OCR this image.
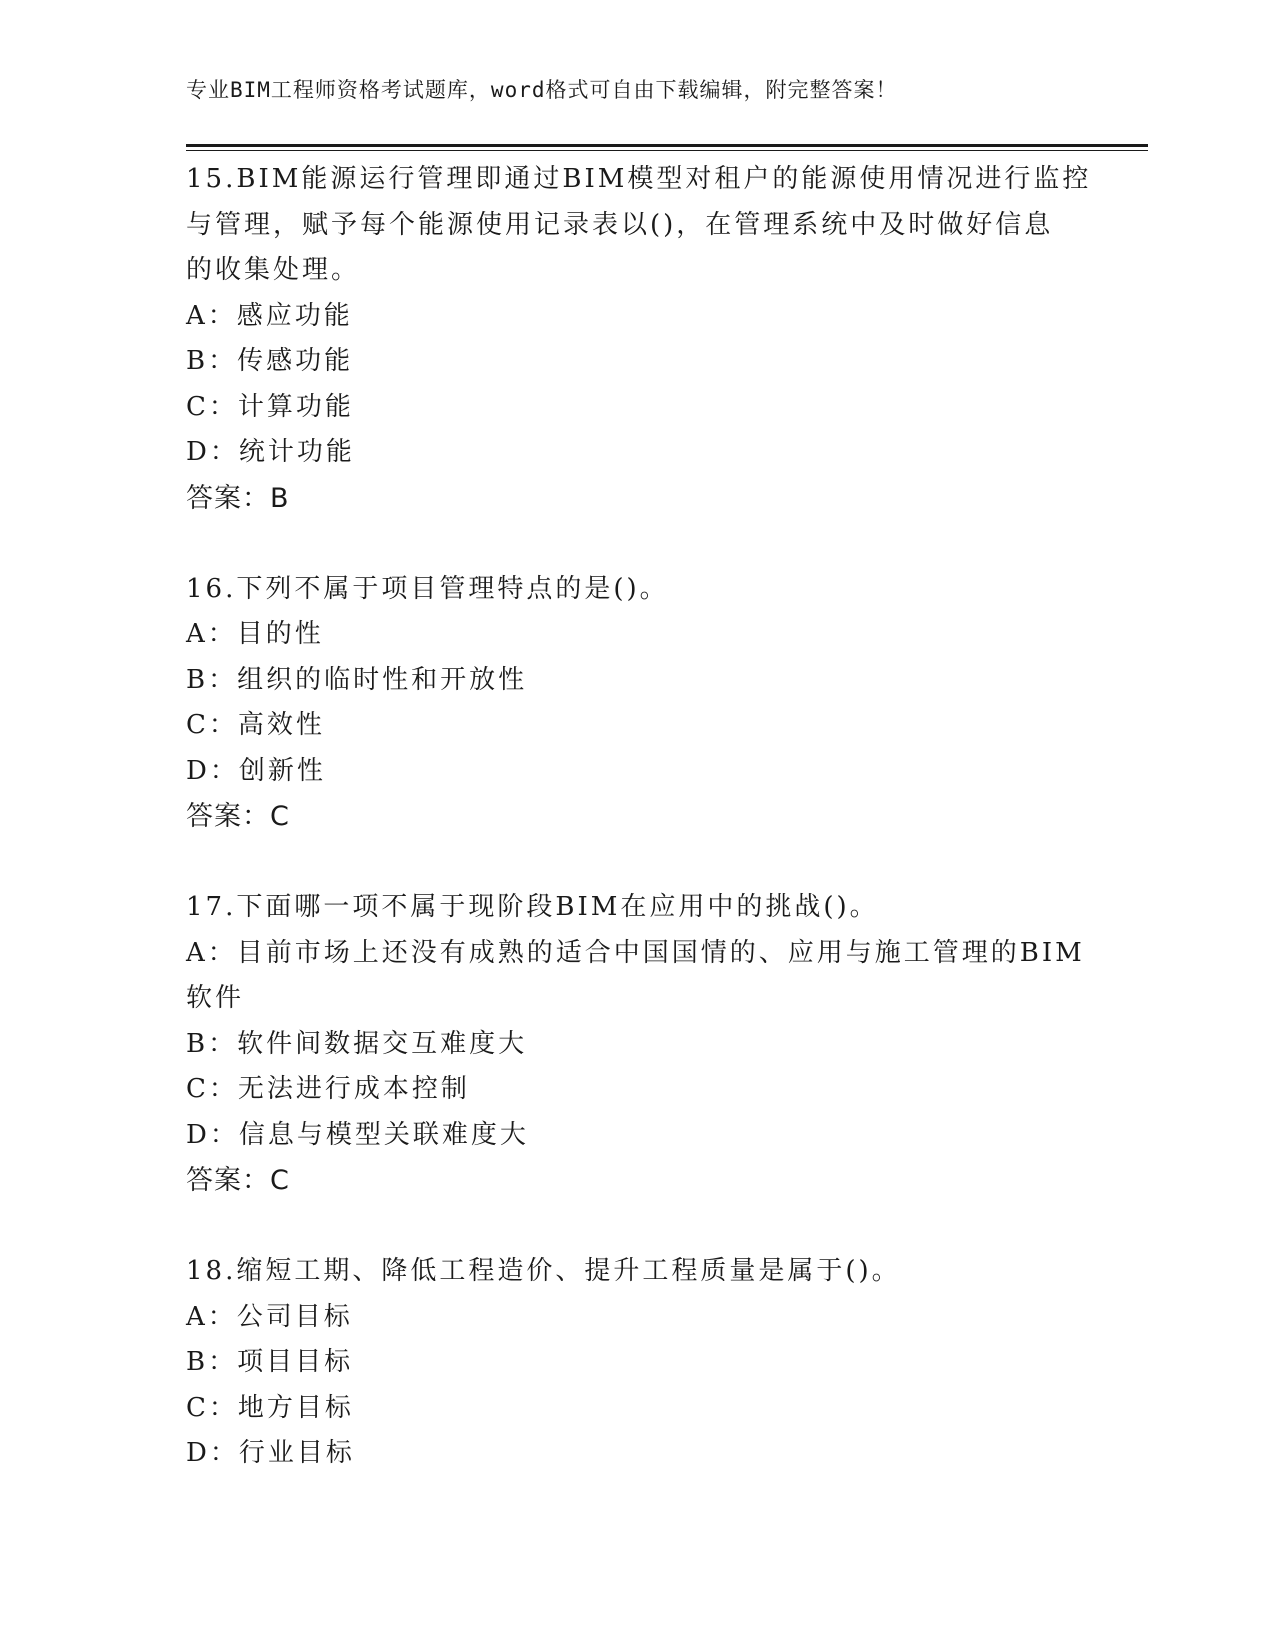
专业BIM工程师资格考试题库，word格式可自由下载编辑，附完整答案！
15.BIM能源运行管理即通过BIM模型对租户的能源使用情况进行监控
与管理，赋予每个能源使用记录表以()，在管理系统中及时做好信息
的收集处理。
A：感应功能
B：传感功能
C：计算功能
D：统计功能
答案：B
16.下列不属于项目管理特点的是()。
A：目的性
B：组织的临时性和开放性
C：高效性
D：创新性
答案：C
17.下面哪一项不属于现阶段BIM在应用中的挑战()。
A：目前市场上还没有成熟的适合中国国情的、应用与施工管理的BIM
软件
B：软件间数据交互难度大
C：无法进行成本控制
D：信息与模型关联难度大
答案：C
18.缩短工期、降低工程造价、提升工程质量是属于()。
A：公司目标
B：项目目标
C：地方目标
D：行业目标
